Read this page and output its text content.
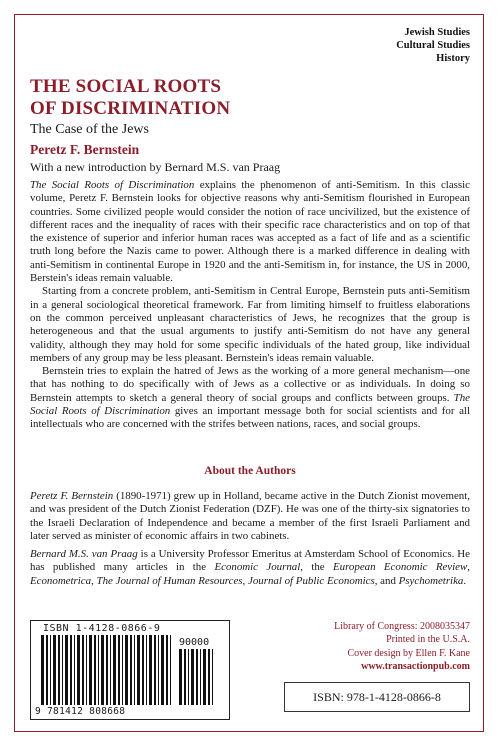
Jewish Studies
Cultural Studies
History
THE SOCIAL ROOTS
OF DISCRIMINATION
The Case of the Jews
Peretz F. Bernstein
With a new introduction by Bernard M.S. van Praag

The Social Roots of Discrimination explains the phenomenon of anti-Semitism. In this classic volume, Peretz F. Bernstein looks for objective reasons why anti-Semitism flourished in European countries. Some civilized people would consider the notion of race uncivilized, but the existence of different races and the inequality of races with their specific race characteristics and on top of that the existence of superior and inferior human races was accepted as a fact of life and as a scientific truth long before the Nazis came to power. Although there is a marked difference in dealing with anti-Semitism in continental Europe in 1920 and the anti-Semitism in, for instance, the US in 2000, Berstein's ideas remain valuable.

Starting from a concrete problem, anti-Semitism in Central Europe, Bernstein puts anti-Semitism in a general sociological theoretical framework. Far from limiting himself to fruitless elaborations on the common perceived unpleasant characteristics of Jews, he recognizes that the group is heterogeneous and that the usual arguments to justify anti-Semitism do not have any general validity, although they may hold for some specific individuals of the hated group, like individual members of any group may be less pleasant. Bernstein's ideas remain valuable.

Bernstein tries to explain the hatred of Jews as the working of a more general mechanism—one that has nothing to do specifically with of Jews as a collective or as individuals. In doing so Bernstein attempts to sketch a general theory of social groups and conflicts between groups. The Social Roots of Discrimination gives an important message both for social scientists and for all intellectuals who are concerned with the strifes between nations, races, and social groups.

About the Authors

Peretz F. Bernstein (1890-1971) grew up in Holland, became active in the Dutch Zionist movement, and was president of the Dutch Zionist Federation (DZF). He was one of the thirty-six signatories to the Israeli Declaration of Independence and became a member of the first Israeli Parliament and later served as minister of economic affairs in two cabinets.

Bernard M.S. van Praag is a University Professor Emeritus at Amsterdam School of Economics. He has published many articles in the Economic Journal, the European Economic Review, Econometrica, The Journal of Human Resources, Journal of Public Economics, and Psychometrika.

ISBN 1-4128-0866-9
90000
9 781412 808668
Library of Congress: 2008035347
Printed in the U.S.A.
Cover design by Ellen F. Kane
www.transactionpub.com
ISBN: 978-1-4128-0866-8
